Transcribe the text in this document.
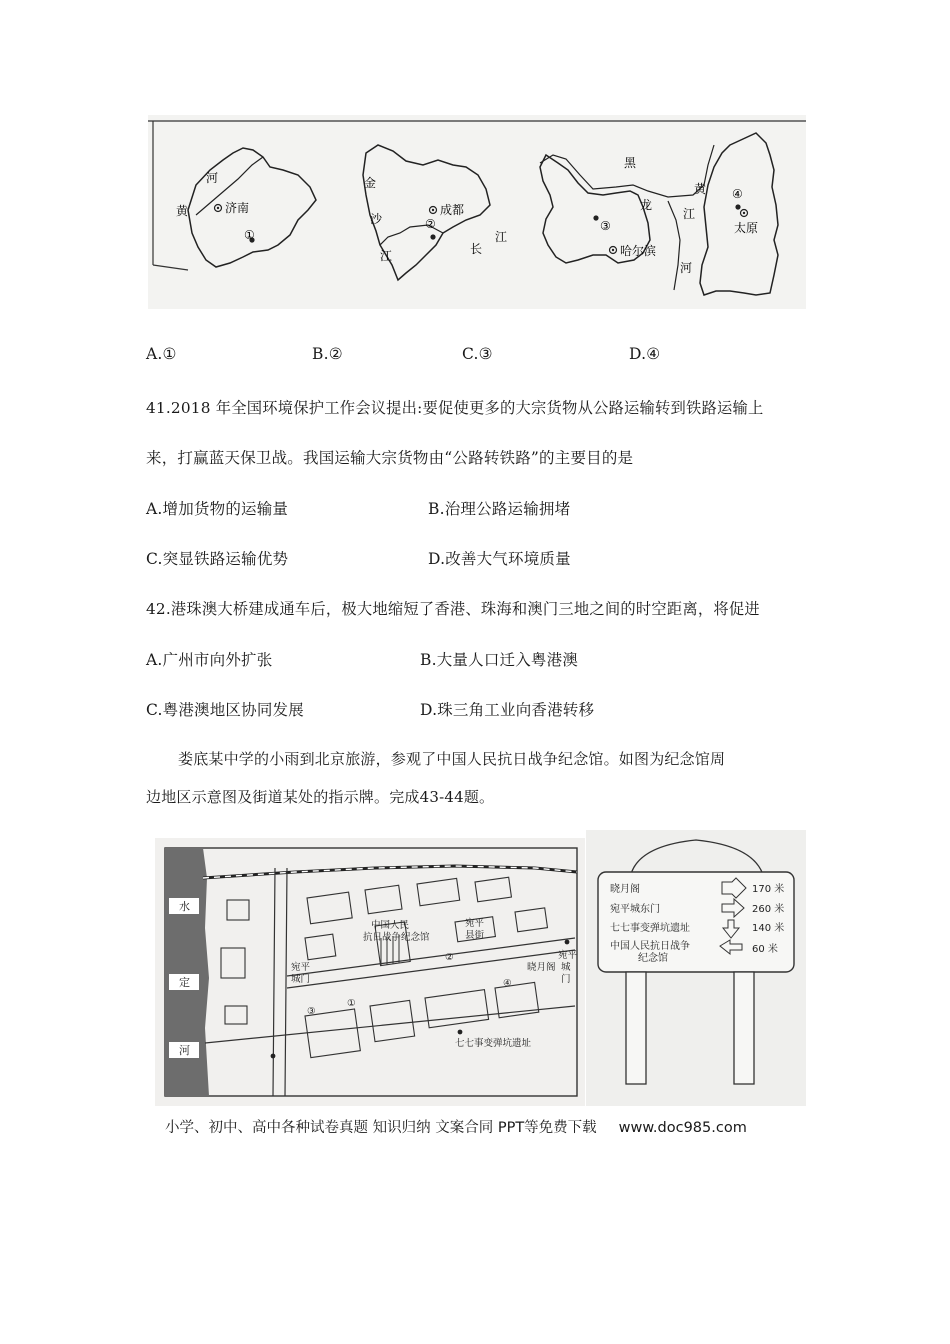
河
黄	济南
①
金
沙
江
成都
②
长
江
黑
龙
江
③
哈尔滨
黄
河
④
太原
A.①	B.②	C.③	D.④
41.2018 年全国环境保护工作会议提出:要促使更多的大宗货物从公路运输转到铁路运输上
来，打赢蓝天保卫战。我国运输大宗货物由“公路转铁路”的主要目的是
A.增加货物的运输量	B.治理公路运输拥堵
C.突显铁路运输优势	D.改善大气环境质量
42.港珠澳大桥建成通车后，极大地缩短了香港、珠海和澳门三地之间的时空距离，将促进
A.广州市向外扩张	B.大量人口迁入粤港澳
C.粤港澳地区协同发展	D.珠三角工业向香港转移
娄底某中学的小雨到北京旅游，参观了中国人民抗日战争纪念馆。如图为纪念馆周
边地区示意图及街道某处的指示牌。完成43-44题。
水
定
河
中国人民
抗日战争纪念馆
宛平
县街
宛平
城门
宛平
城
门
晓月阁
七七事变弹坑遗址
①
②
③
④
晓月阁	170 米
宛平城东门	260 米
七七事变弹坑遗址	140 米
中国人民抗日战争
纪念馆
60 米
小学、初中、高中各种试卷真题 知识归纳 文案合同 PPT等免费下载 www.doc985.com
